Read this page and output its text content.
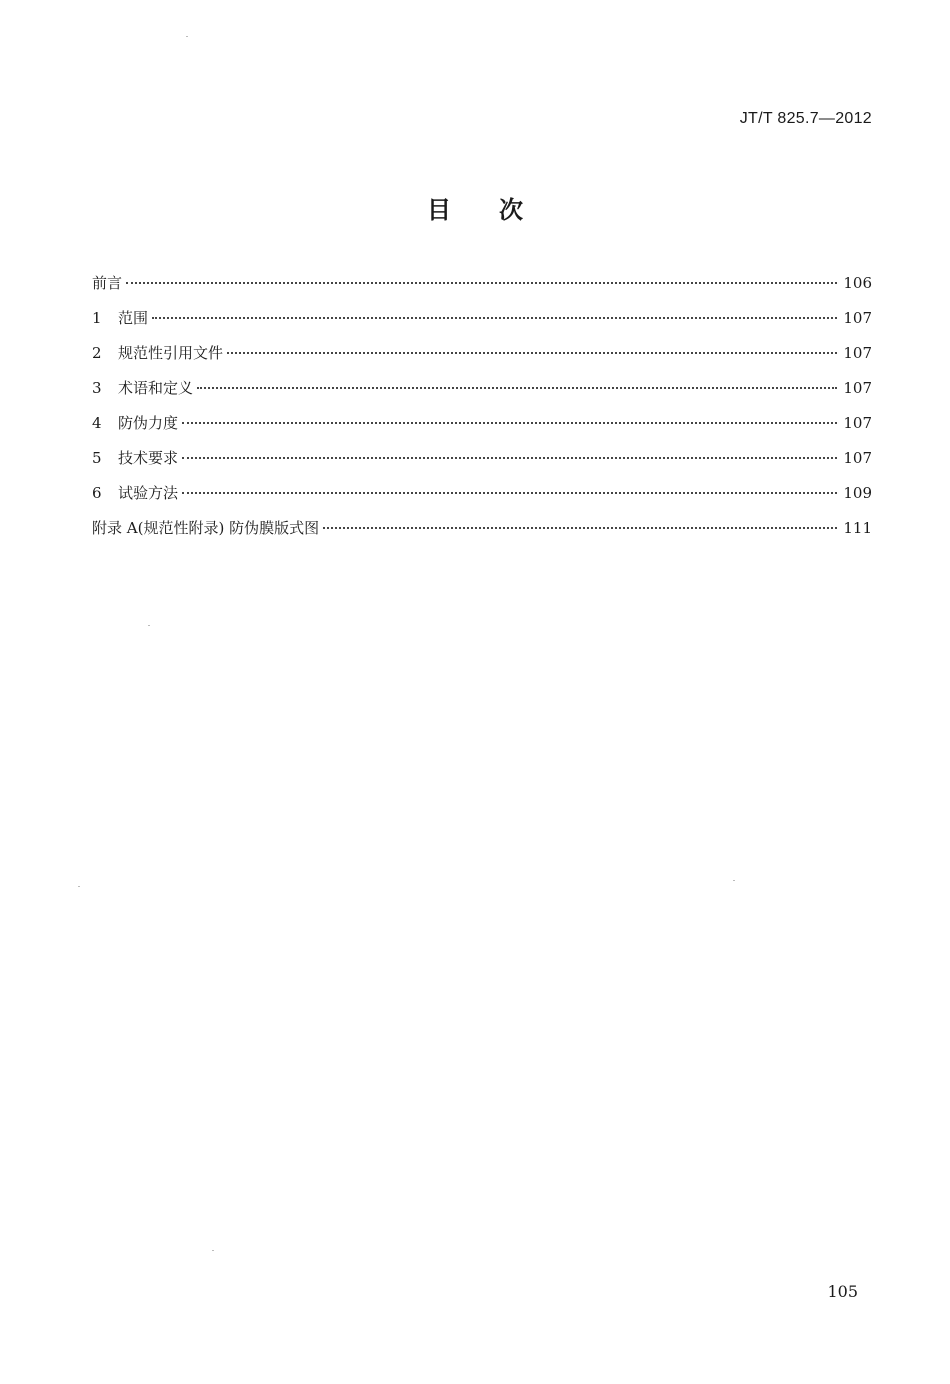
JT/T 825.7—2012
目次
前言	106
1	范围	107
2	规范性引用文件	107
3	术语和定义	107
4	防伪力度	107
5	技术要求	107
6	试验方法	109
附录 A(规范性附录) 防伪膜版式图	111
105
